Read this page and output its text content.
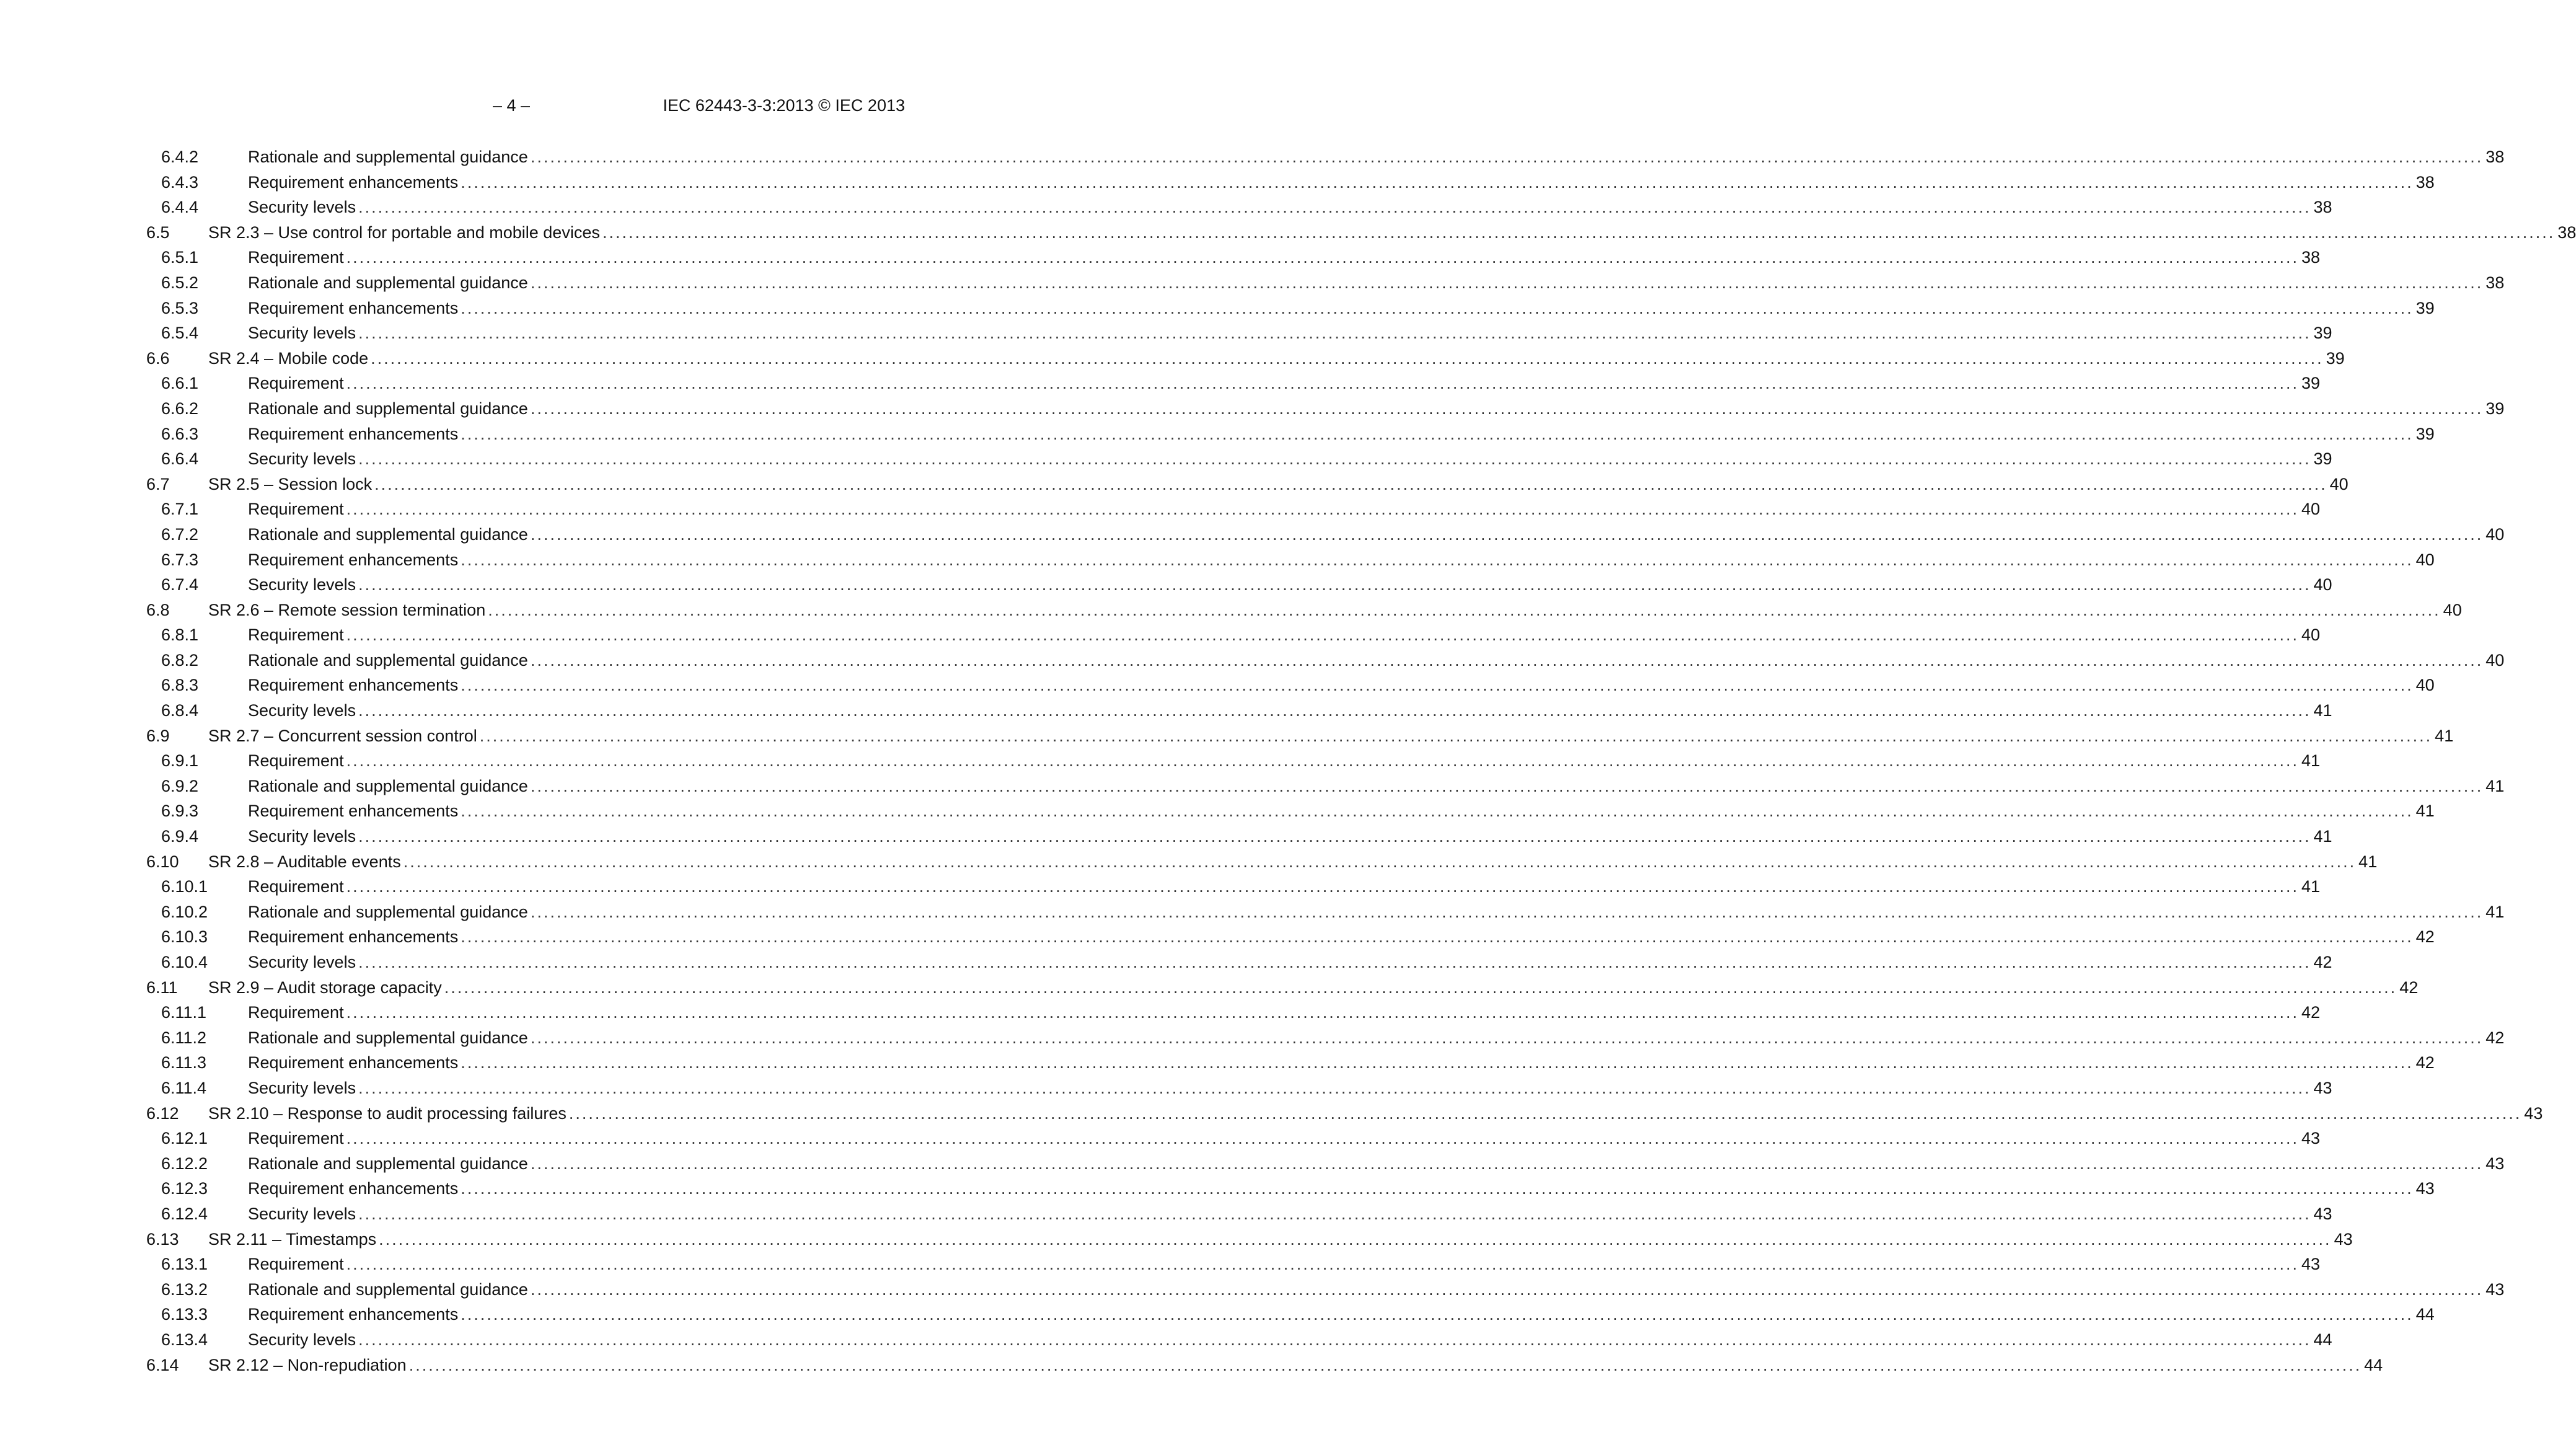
– 4 –	IEC 62443-3-3:2013 © IEC 2013
6.4.2	Rationale and supplemental guidance ............................................................................................................................................................................................................................................................................................................ 38
6.4.3	Requirement enhancements ............................................................................................................................................................................................................................................................................................................ 38
6.4.4	Security levels ............................................................................................................................................................................................................................................................................................................ 38
6.5 SR 2.3 – Use control for portable and mobile devices ............................................................................................................................................................................................................................................................................................................ 38
6.5.1	Requirement ............................................................................................................................................................................................................................................................................................................ 38
6.5.2	Rationale and supplemental guidance ............................................................................................................................................................................................................................................................................................................ 38
6.5.3	Requirement enhancements ............................................................................................................................................................................................................................................................................................................ 39
6.5.4	Security levels ............................................................................................................................................................................................................................................................................................................ 39
6.6 SR 2.4 – Mobile code ............................................................................................................................................................................................................................................................................................................ 39
6.6.1	Requirement ............................................................................................................................................................................................................................................................................................................ 39
6.6.2	Rationale and supplemental guidance ............................................................................................................................................................................................................................................................................................................ 39
6.6.3	Requirement enhancements ............................................................................................................................................................................................................................................................................................................ 39
6.6.4	Security levels ............................................................................................................................................................................................................................................................................................................ 39
6.7 SR 2.5 – Session lock ............................................................................................................................................................................................................................................................................................................ 40
6.7.1	Requirement ............................................................................................................................................................................................................................................................................................................ 40
6.7.2	Rationale and supplemental guidance ............................................................................................................................................................................................................................................................................................................ 40
6.7.3	Requirement enhancements ............................................................................................................................................................................................................................................................................................................ 40
6.7.4	Security levels ............................................................................................................................................................................................................................................................................................................ 40
6.8 SR 2.6 – Remote session termination ............................................................................................................................................................................................................................................................................................................ 40
6.8.1	Requirement ............................................................................................................................................................................................................................................................................................................ 40
6.8.2	Rationale and supplemental guidance ............................................................................................................................................................................................................................................................................................................ 40
6.8.3	Requirement enhancements ............................................................................................................................................................................................................................................................................................................ 40
6.8.4	Security levels ............................................................................................................................................................................................................................................................................................................ 41
6.9 SR 2.7 – Concurrent session control ............................................................................................................................................................................................................................................................................................................ 41
6.9.1	Requirement ............................................................................................................................................................................................................................................................................................................ 41
6.9.2	Rationale and supplemental guidance ............................................................................................................................................................................................................................................................................................................ 41
6.9.3	Requirement enhancements ............................................................................................................................................................................................................................................................................................................ 41
6.9.4	Security levels ............................................................................................................................................................................................................................................................................................................ 41
6.10 SR 2.8 – Auditable events ............................................................................................................................................................................................................................................................................................................ 41
6.10.1 Requirement ............................................................................................................................................................................................................................................................................................................ 41
6.10.2 Rationale and supplemental guidance ............................................................................................................................................................................................................................................................................................................ 41
6.10.3 Requirement enhancements ............................................................................................................................................................................................................................................................................................................ 42
6.10.4 Security levels ............................................................................................................................................................................................................................................................................................................ 42
6.11 SR 2.9 – Audit storage capacity ............................................................................................................................................................................................................................................................................................................ 42
6.11.1 Requirement ............................................................................................................................................................................................................................................................................................................ 42
6.11.2 Rationale and supplemental guidance ............................................................................................................................................................................................................................................................................................................ 42
6.11.3 Requirement enhancements ............................................................................................................................................................................................................................................................................................................ 42
6.11.4 Security levels ............................................................................................................................................................................................................................................................................................................ 43
6.12 SR 2.10 – Response to audit processing failures ............................................................................................................................................................................................................................................................................................................ 43
6.12.1 Requirement ............................................................................................................................................................................................................................................................................................................ 43
6.12.2 Rationale and supplemental guidance ............................................................................................................................................................................................................................................................................................................ 43
6.12.3 Requirement enhancements ............................................................................................................................................................................................................................................................................................................ 43
6.12.4 Security levels ............................................................................................................................................................................................................................................................................................................ 43
6.13 SR 2.11 – Timestamps ............................................................................................................................................................................................................................................................................................................ 43
6.13.1 Requirement ............................................................................................................................................................................................................................................................................................................ 43
6.13.2 Rationale and supplemental guidance ............................................................................................................................................................................................................................................................................................................ 43
6.13.3 Requirement enhancements ............................................................................................................................................................................................................................................................................................................ 44
6.13.4 Security levels ............................................................................................................................................................................................................................................................................................................ 44
6.14 SR 2.12 – Non-repudiation ............................................................................................................................................................................................................................................................................................................ 44
